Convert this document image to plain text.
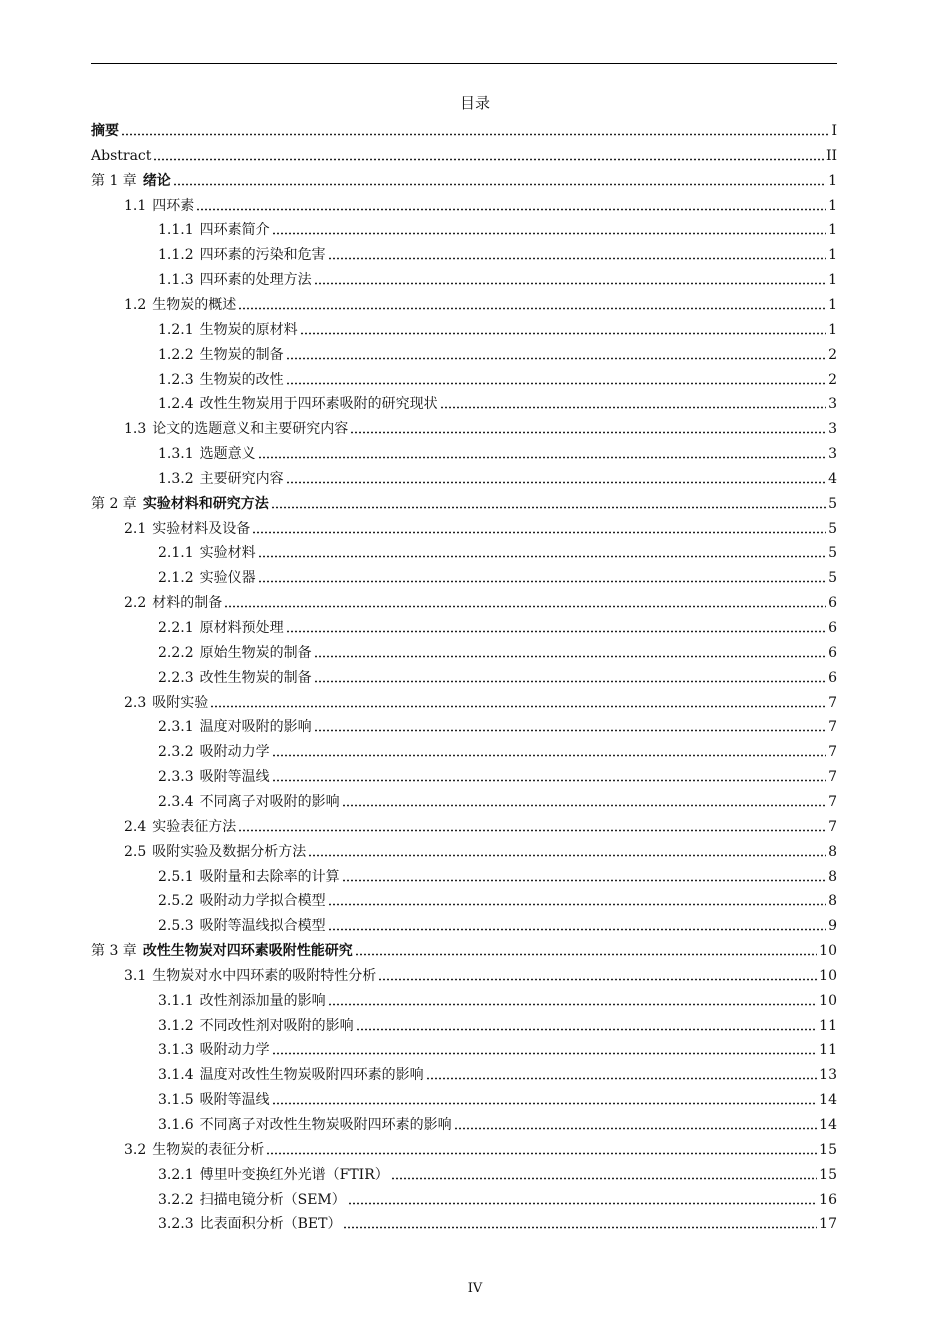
目录
摘要	I
Abstract	II
第 1 章 绪论	1
1.1 四环素	1
1.1.1 四环素简介	1
1.1.2 四环素的污染和危害	1
1.1.3 四环素的处理方法	1
1.2 生物炭的概述	1
1.2.1 生物炭的原材料	1
1.2.2 生物炭的制备	2
1.2.3 生物炭的改性	2
1.2.4 改性生物炭用于四环素吸附的研究现状	3
1.3 论文的选题意义和主要研究内容	3
1.3.1 选题意义	3
1.3.2 主要研究内容	4
第 2 章 实验材料和研究方法	5
2.1 实验材料及设备	5
2.1.1 实验材料	5
2.1.2 实验仪器	5
2.2 材料的制备	6
2.2.1 原材料预处理	6
2.2.2 原始生物炭的制备	6
2.2.3 改性生物炭的制备	6
2.3 吸附实验	7
2.3.1 温度对吸附的影响	7
2.3.2 吸附动力学	7
2.3.3 吸附等温线	7
2.3.4 不同离子对吸附的影响	7
2.4 实验表征方法	7
2.5 吸附实验及数据分析方法	8
2.5.1 吸附量和去除率的计算	8
2.5.2 吸附动力学拟合模型	8
2.5.3 吸附等温线拟合模型	9
第 3 章 改性生物炭对四环素吸附性能研究	10
3.1 生物炭对水中四环素的吸附特性分析	10
3.1.1 改性剂添加量的影响	10
3.1.2 不同改性剂对吸附的影响	11
3.1.3 吸附动力学	11
3.1.4 温度对改性生物炭吸附四环素的影响	13
3.1.5 吸附等温线	14
3.1.6 不同离子对改性生物炭吸附四环素的影响	14
3.2 生物炭的表征分析	15
3.2.1 傅里叶变换红外光谱（FTIR）	15
3.2.2 扫描电镜分析（SEM）	16
3.2.3 比表面积分析（BET）	17
IV
